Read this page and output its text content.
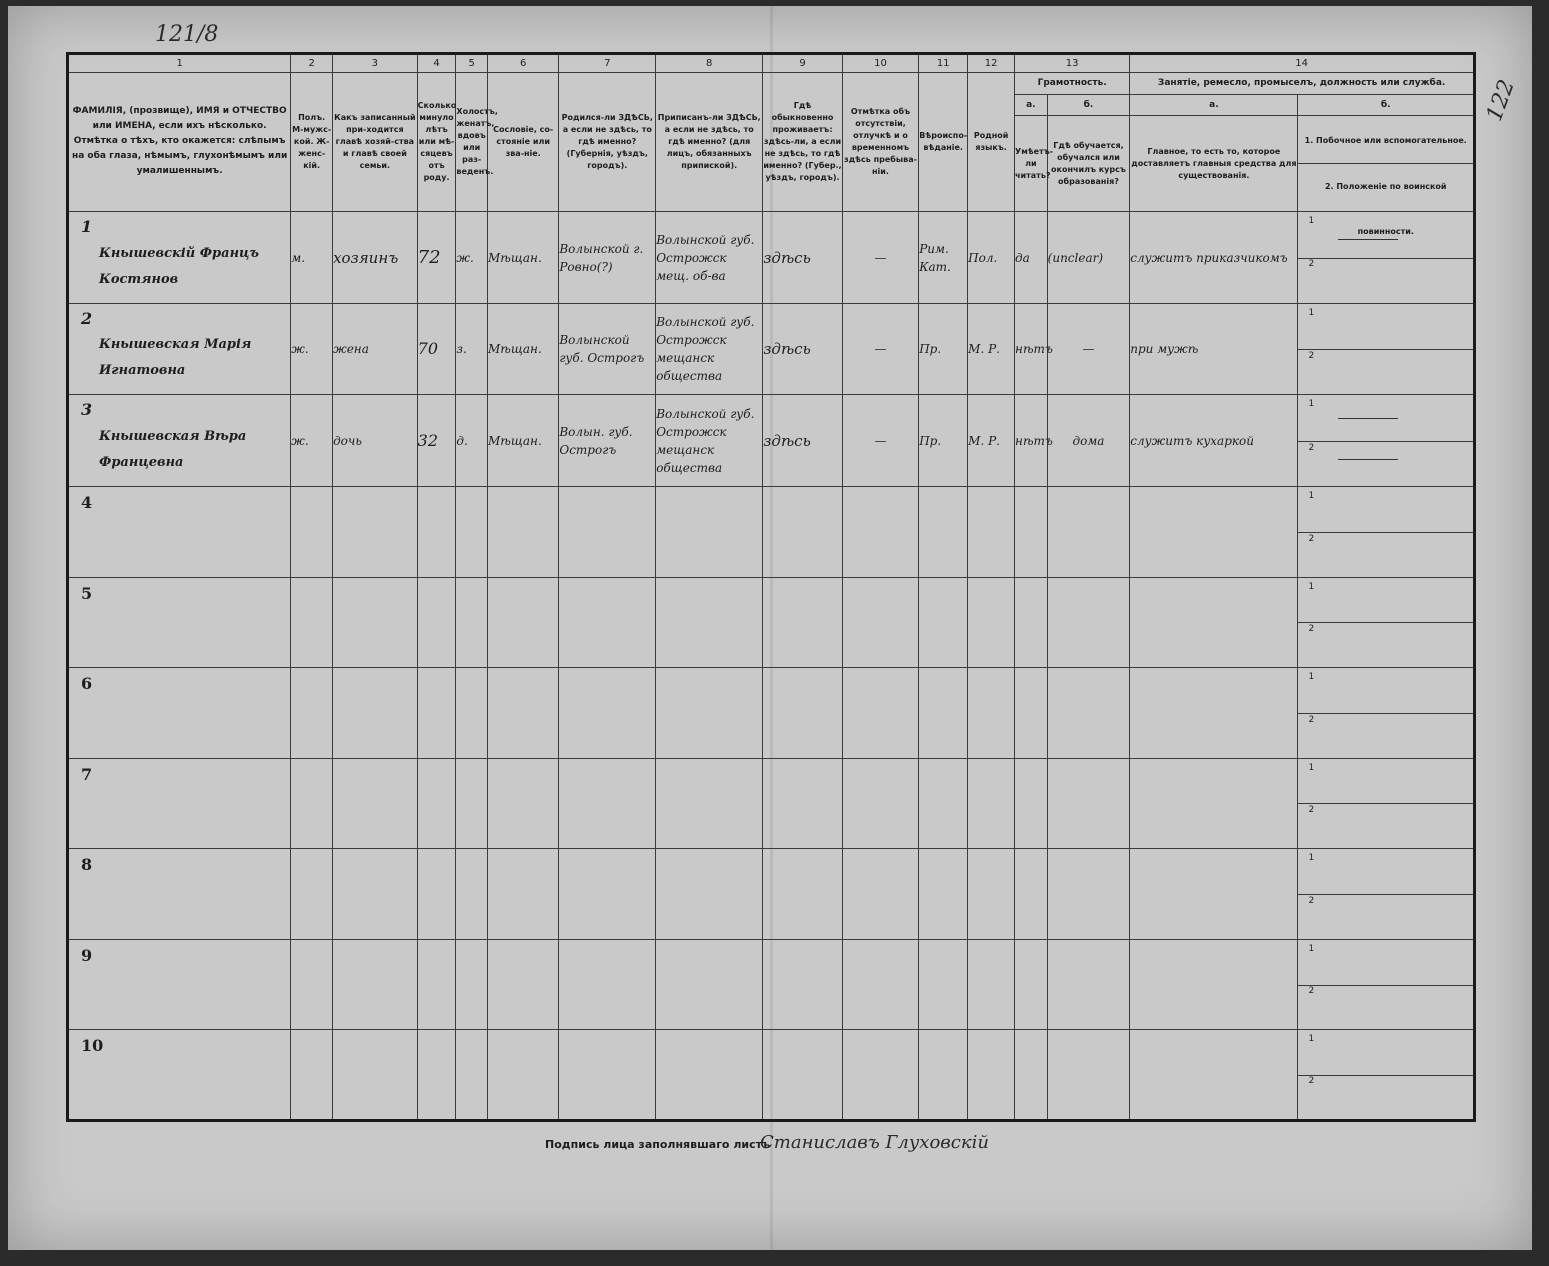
121/8
122
1	2	3	4	5	6	7	8	9	10	11	12	13		14	
ФАМИЛІЯ, (прозвище), ИМЯ и ОТЧЕСТВО или ИМЕНА, если ихъ нѣсколько. Отмѣтка о тѣхъ, кто окажется: слѣпымъ на оба глаза, нѣмымъ, глухонѣмымъ или умалишеннымъ.	Полъ. М-мужс-кой. Ж-женс-кій.	Какъ записанный при-ходится главѣ хозяй-ства и главѣ своей семьи.	Сколько минуло лѣтъ или мѣ-сяцевъ отъ роду.	Холостъ, женатъ, вдовъ или раз-веденъ.	Сословіе, со-стояніе или зва-ніе.	Родился-ли ЗДѢСЬ, а если не здѣсь, то гдѣ именно? (Губернія, уѣздъ, городъ).	Приписанъ-ли ЗДѢСЬ, а если не здѣсь, то гдѣ именно? (для лицъ, обязанныхъ припиской).	Гдѣ обыкновенно проживаетъ: здѣсь-ли, а если не здѣсь, то гдѣ именно? (Губер., уѣздъ, городъ).	Отмѣтка объ отсутствіи, отлучкѣ и о временномъ здѣсь пребыва-ніи.	Вѣроиспо-вѣданіе.	Родной языкъ.	Грамотность.		Занятіе, ремесло, промыселъ, должность или служба.	
												а.	б.	а.	б.
												Умѣетъ-ли читать?	Гдѣ обучается, обучался или окончилъ курсъ образованія?	Главное, то есть то, которое доставляетъ главныя средства для существованія.	1. Побочное или вспомогательное.
2. Положеніе по воинской повинности.

1
Кнышевскій Францъ Костянов	м.	хозяинъ	72	ж.	Мѣщан.	Волынской г. Ровно(?)	Волынской губ. Острожск мещ. об-ва	здѣсь	—	Рим. Кат.	Пол.	да	(unclear)	служитъ приказчикомъ	1
2

2
Кнышевская Марія Игнатовна	ж.	жена	70	з.	Мѣщан.	Волынской губ. Острогъ	Волынской губ. Острожск мещанск общества	здѣсь	—	Пр.	М. Р.	нѣтъ	—	при мужѣ	1
2

3
Кнышевская Вѣра Францевна	ж.	дочь	32	д.	Мѣщан.	Волын. губ. Острогъ	Волынской губ. Острожск мещанск общества	здѣсь	—	Пр.	М. Р.	нѣтъ	дома	служитъ кухаркой	1
2

4															1
2

5															1
2

6															1
2

7															1
2

8															1
2

9															1
2

10															1
2
Подпись лица заполнявшаго листъ
Станиславъ Глуховскій
